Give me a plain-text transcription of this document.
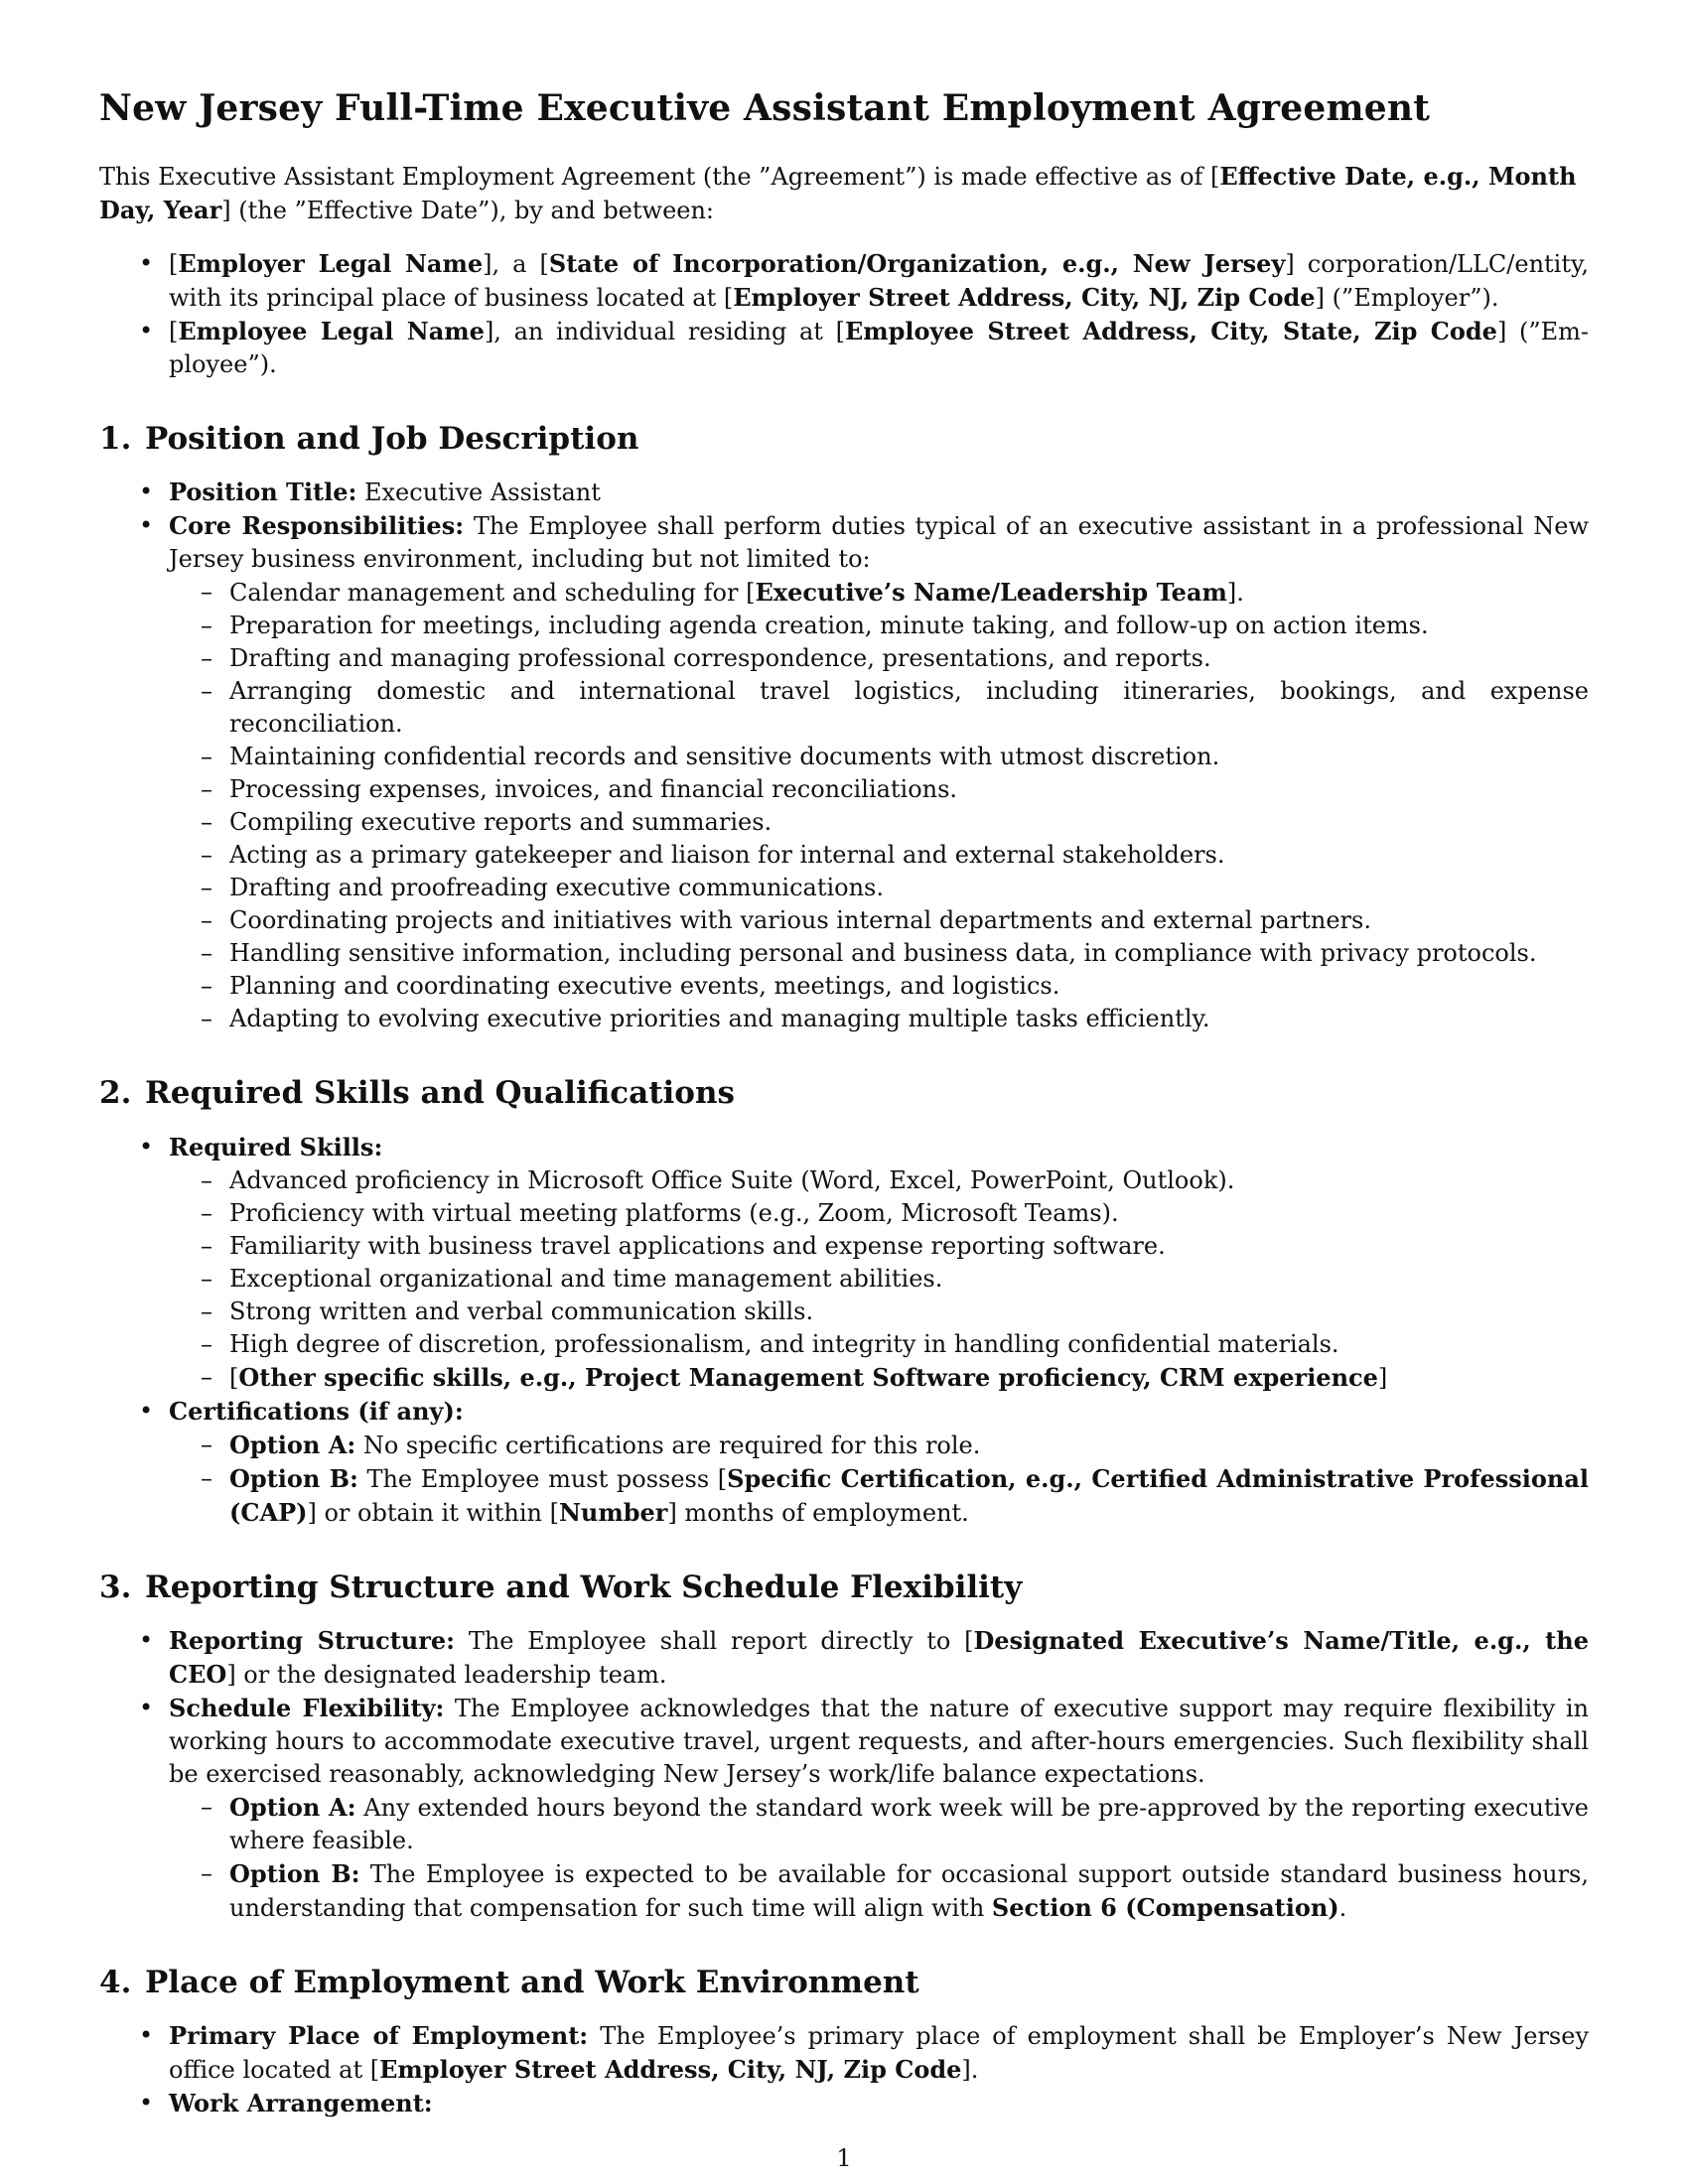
New Jersey Full-Time Executive Assistant Employment Agreement

This Executive Assistant Employment Agreement (the ”Agreement”) is made effective as of [Effective Date, e.g., Month Day, Year] (the ”Effective Date”), by and between:

• [Employer Legal Name], a [State of Incorporation/Organization, e.g., New Jersey] corporation/LLC/entity, with its principal place of business located at [Employer Street Address, City, NJ, Zip Code] (”Employer”).
• [Employee Legal Name], an individual residing at [Employee Street Address, City, State, Zip Code] (”Employee”).
1. Position and Job Description
• Position Title: Executive Assistant
• Core Responsibilities: The Employee shall perform duties typical of an executive assistant in a professional New Jersey business environment, including but not limited to:
– Calendar management and scheduling for [Executive’s Name/Leadership Team].
– Preparation for meetings, including agenda creation, minute taking, and follow-up on action items.
– Drafting and managing professional correspondence, presentations, and reports.
– Arranging domestic and international travel logistics, including itineraries, bookings, and expense reconciliation.
– Maintaining confidential records and sensitive documents with utmost discretion.
– Processing expenses, invoices, and financial reconciliations.
– Compiling executive reports and summaries.
– Acting as a primary gatekeeper and liaison for internal and external stakeholders.
– Drafting and proofreading executive communications.
– Coordinating projects and initiatives with various internal departments and external partners.
– Handling sensitive information, including personal and business data, in compliance with privacy protocols.
– Planning and coordinating executive events, meetings, and logistics.
– Adapting to evolving executive priorities and managing multiple tasks efficiently.
2. Required Skills and Qualifications
• Required Skills:
– Advanced proficiency in Microsoft Office Suite (Word, Excel, PowerPoint, Outlook).
– Proficiency with virtual meeting platforms (e.g., Zoom, Microsoft Teams).
– Familiarity with business travel applications and expense reporting software.
– Exceptional organizational and time management abilities.
– Strong written and verbal communication skills.
– High degree of discretion, professionalism, and integrity in handling confidential materials.
– [Other specific skills, e.g., Project Management Software proficiency, CRM experience]
• Certifications (if any):
– Option A: No specific certifications are required for this role.
– Option B: The Employee must possess [Specific Certification, e.g., Certified Administrative Professional (CAP)] or obtain it within [Number] months of employment.
3. Reporting Structure and Work Schedule Flexibility
• Reporting Structure: The Employee shall report directly to [Designated Executive’s Name/Title, e.g., the CEO] or the designated leadership team.
• Schedule Flexibility: The Employee acknowledges that the nature of executive support may require flexibility in working hours to accommodate executive travel, urgent requests, and after-hours emergencies. Such flexibility shall be exercised reasonably, acknowledging New Jersey’s work/life balance expectations.
– Option A: Any extended hours beyond the standard work week will be pre-approved by the reporting executive where feasible.
– Option B: The Employee is expected to be available for occasional support outside standard business hours, understanding that compensation for such time will align with Section 6 (Compensation).
4. Place of Employment and Work Environment
• Primary Place of Employment: The Employee’s primary place of employment shall be Employer’s New Jersey office located at [Employer Street Address, City, NJ, Zip Code].
• Work Arrangement:
1
